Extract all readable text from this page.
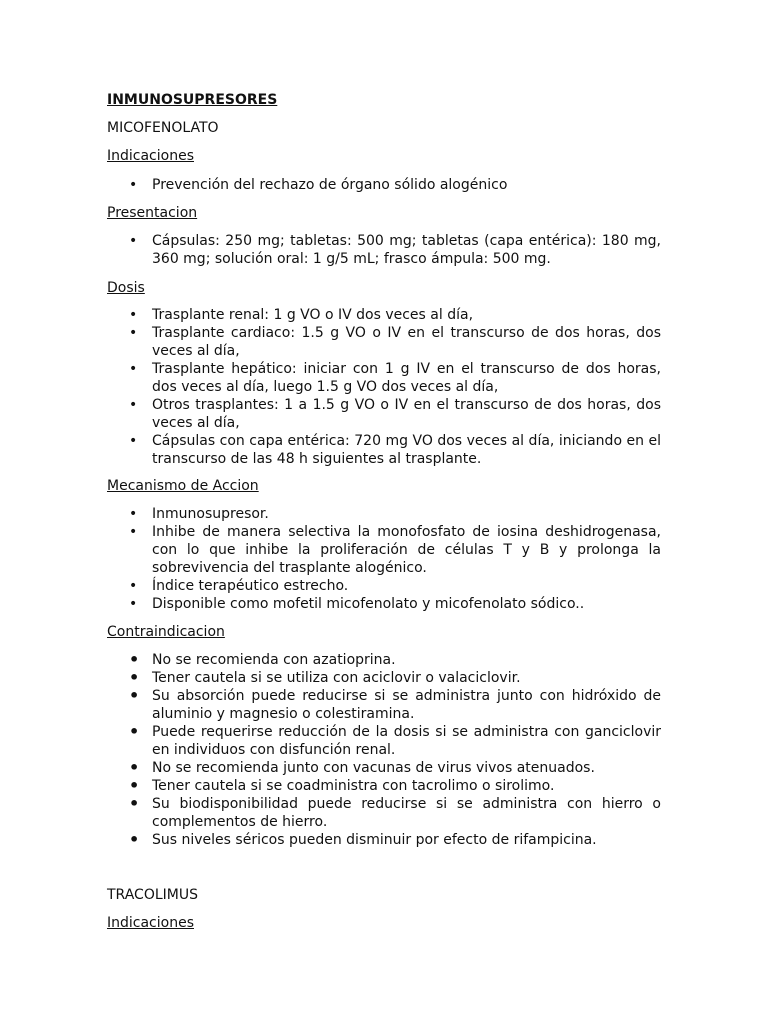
INMUNOSUPRESORES
MICOFENOLATO
Indicaciones
• Prevención del rechazo de órgano sólido alogénico
Presentacion
• Cápsulas: 250 mg; tabletas: 500 mg; tabletas (capa entérica): 180 mg, 360 mg; solución oral: 1 g/5 mL; frasco ámpula: 500 mg.
Dosis
• Trasplante renal: 1 g VO o IV dos veces al día,
• Trasplante cardiaco: 1.5 g VO o IV en el transcurso de dos horas, dos veces al día,
• Trasplante hepático: iniciar con 1 g IV en el transcurso de dos horas, dos veces al día, luego 1.5 g VO dos veces al día,
• Otros trasplantes: 1 a 1.5 g VO o IV en el transcurso de dos horas, dos veces al día,
• Cápsulas con capa entérica: 720 mg VO dos veces al día, iniciando en el transcurso de las 48 h siguientes al trasplante.
Mecanismo de Accion
• Inmunosupresor.
• Inhibe de manera selectiva la monofosfato de iosina deshidrogenasa, con lo que inhibe la proliferación de células T y B y prolonga la sobrevivencia del trasplante alogénico.
• Índice terapéutico estrecho.
• Disponible como mofetil micofenolato y micofenolato sódico..
Contraindicacion
• No se recomienda con azatioprina.
• Tener cautela si se utiliza con aciclovir o valaciclovir.
• Su absorción puede reducirse si se administra junto con hidróxido de aluminio y magnesio o colestiramina.
• Puede requerirse reducción de la dosis si se administra con ganciclovir en individuos con disfunción renal.
• No se recomienda junto con vacunas de virus vivos atenuados.
• Tener cautela si se coadministra con tacrolimo o sirolimo.
• Su biodisponibilidad puede reducirse si se administra con hierro o complementos de hierro.
• Sus niveles séricos pueden disminuir por efecto de rifampicina.
TRACOLIMUS
Indicaciones
